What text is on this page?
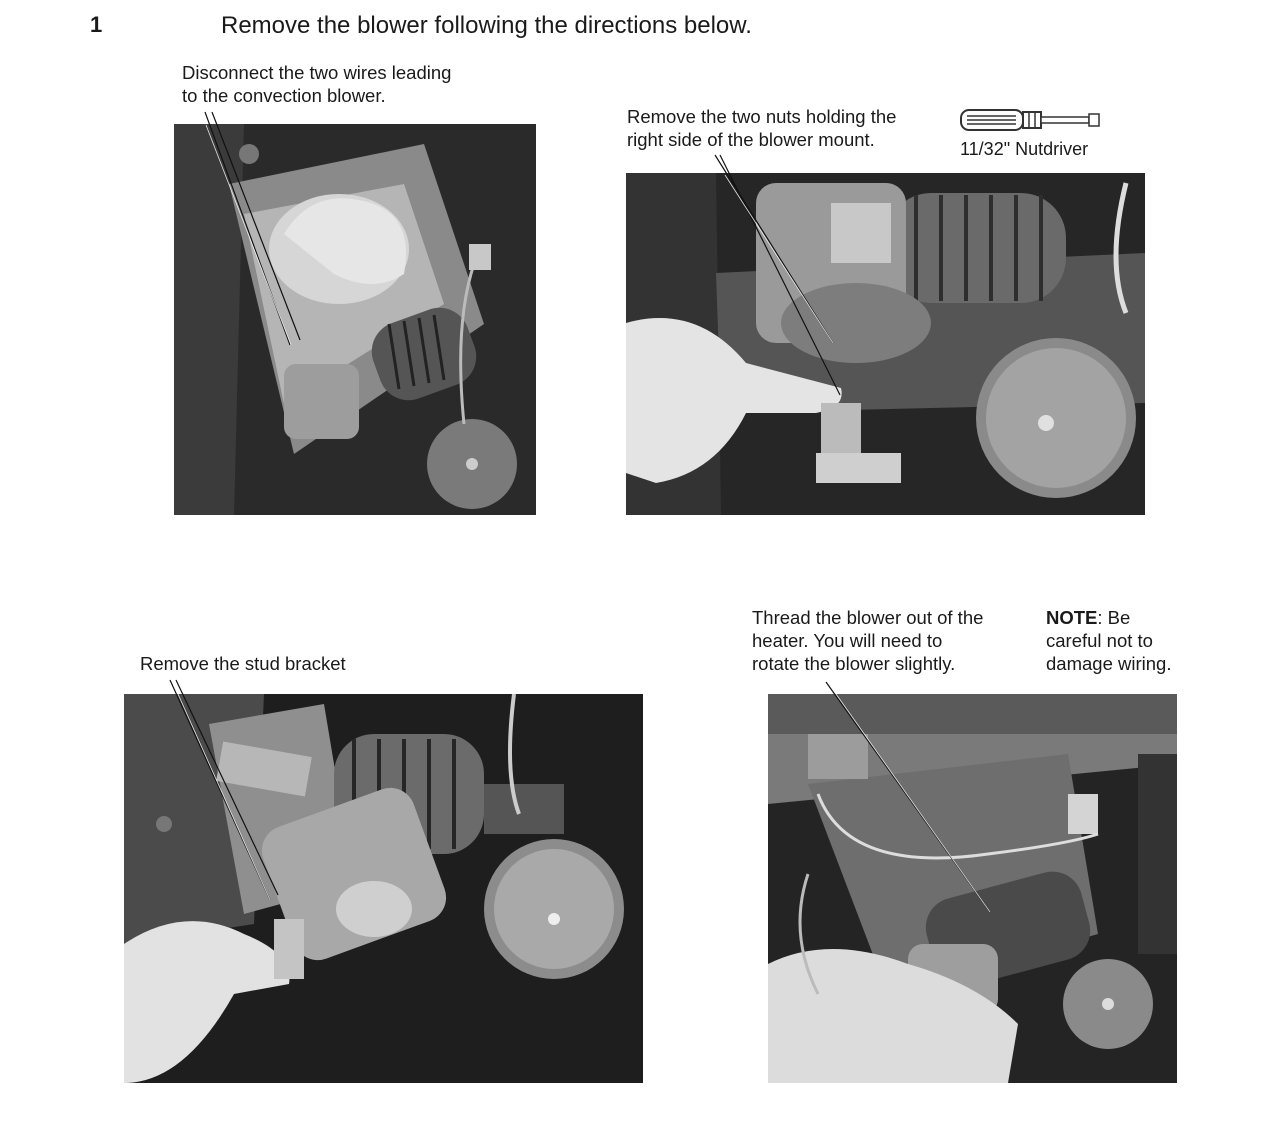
1	Remove the blower following the directions below.
Disconnect the two wires leading
to the convection blower.
Remove the two nuts holding the
right side of the blower mount.	11/32" Nutdriver
Remove the stud bracket
Thread the blower out of the
heater. You will need to
rotate the blower slightly.
NOTE: Be
careful not to
damage wiring.
